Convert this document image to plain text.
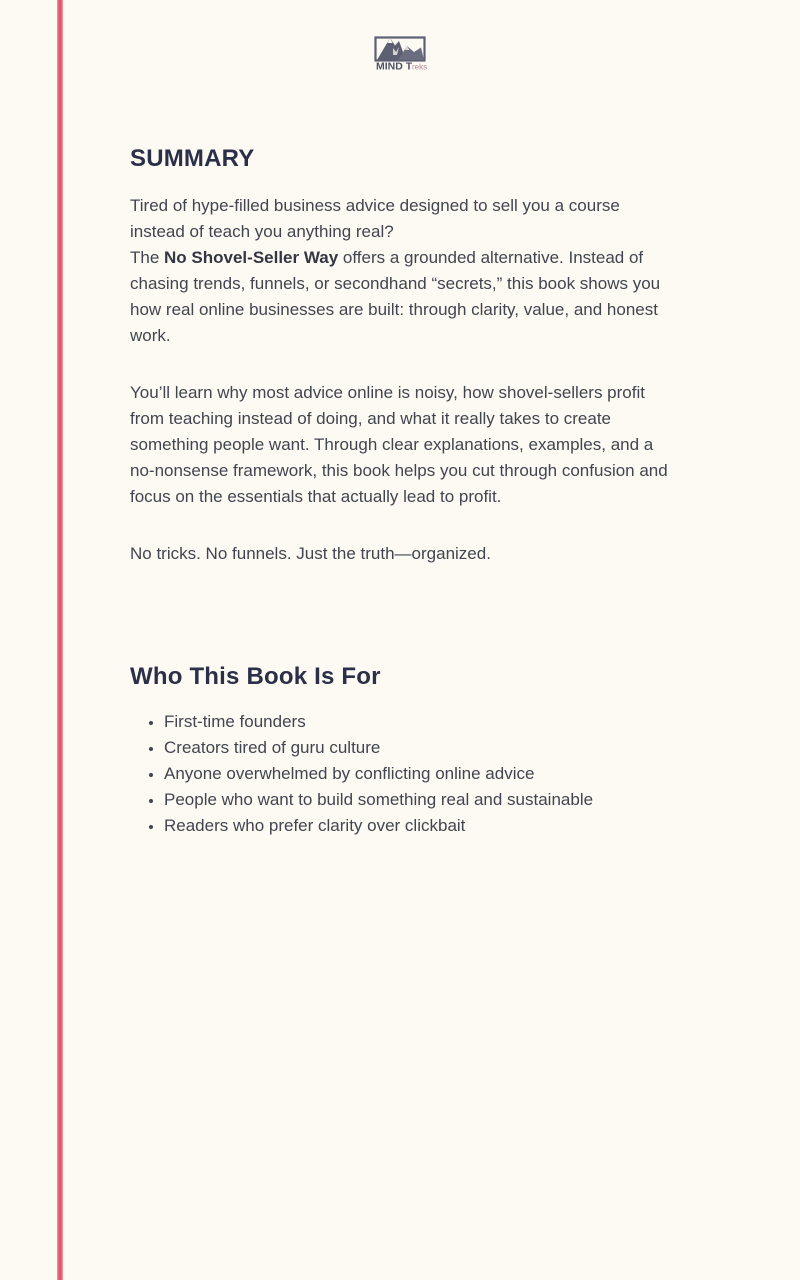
MIND T reks
SUMMARY

Tired of hype-filled business advice designed to sell you a course instead of teach you anything real?
The No Shovel-Seller Way offers a grounded alternative. Instead of chasing trends, funnels, or secondhand “secrets,” this book shows you how real online businesses are built: through clarity, value, and honest work.

You’ll learn why most advice online is noisy, how shovel-sellers profit from teaching instead of doing, and what it really takes to create something people want. Through clear explanations, examples, and a no-nonsense framework, this book helps you cut through confusion and focus on the essentials that actually lead to profit.

No tricks. No funnels. Just the truth—organized.

Who This Book Is For
• First-time founders
• Creators tired of guru culture
• Anyone overwhelmed by conflicting online advice
• People who want to build something real and sustainable
• Readers who prefer clarity over clickbait
